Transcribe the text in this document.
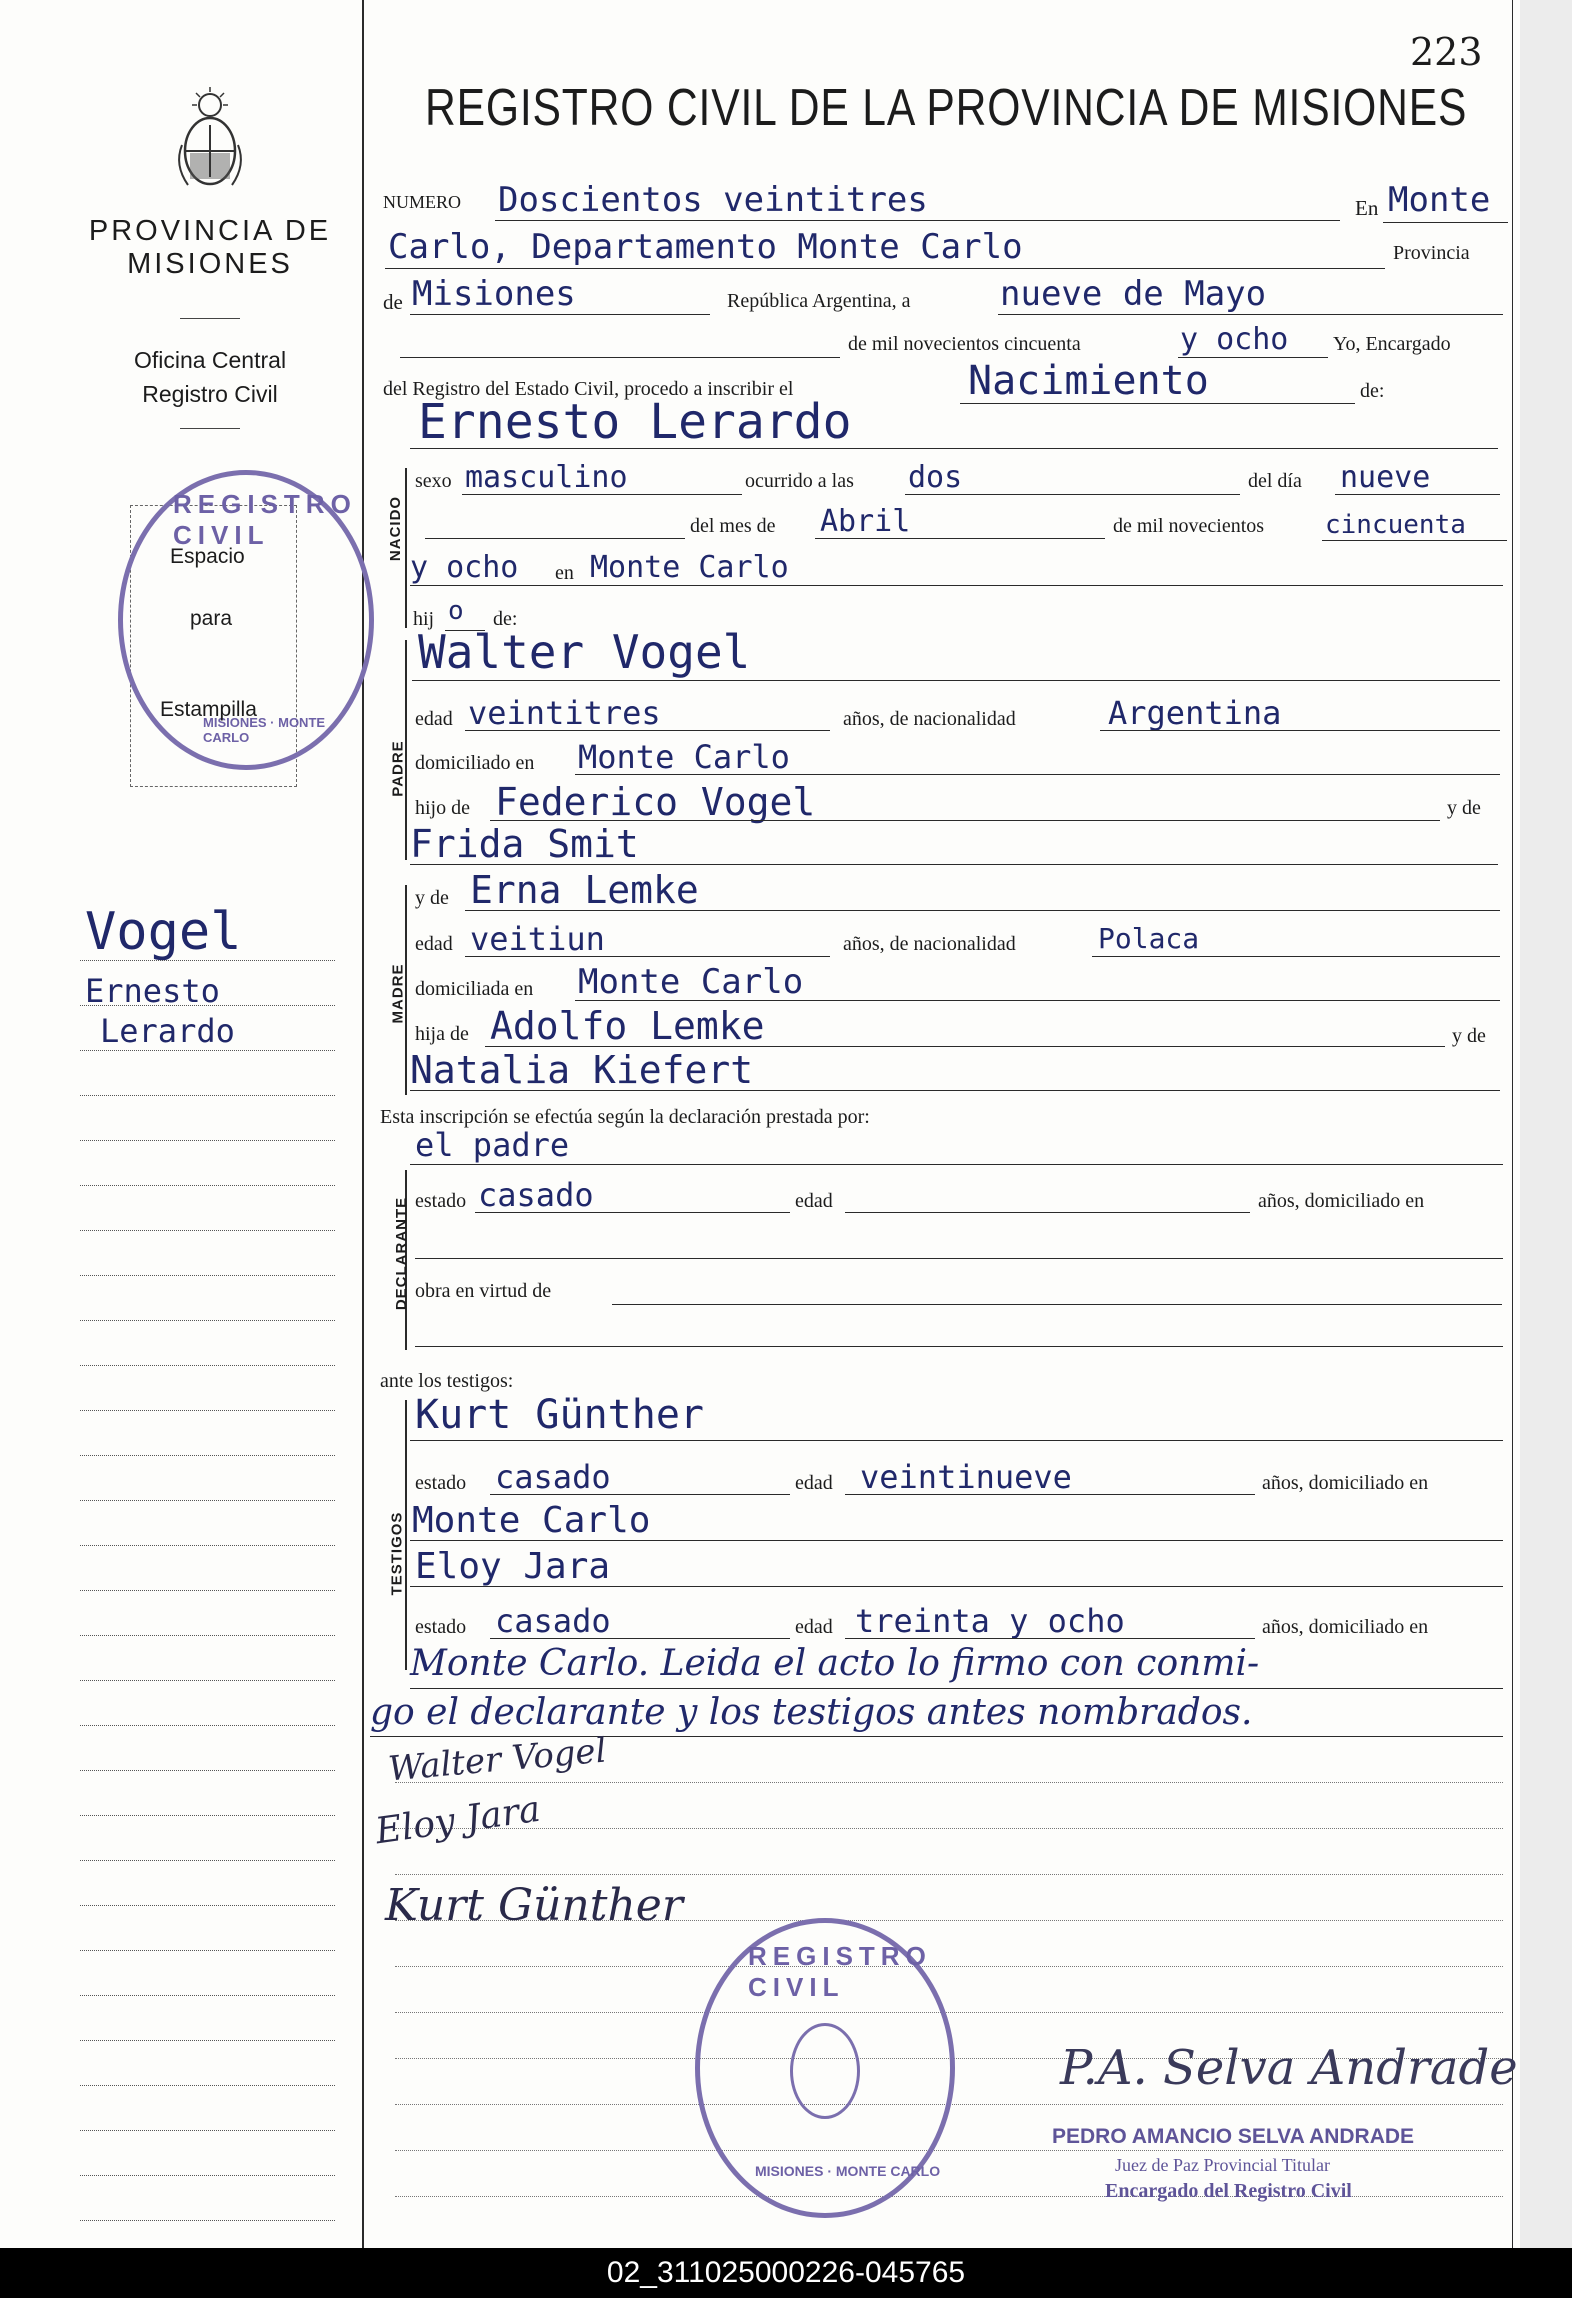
223
PROVINCIA DE
MISIONES
Oficina Central
Registro Civil
REGISTRO CIVIL
MISIONES · MONTE CARLO
Espacio
para
Estampilla
Vogel
Ernesto
Lerardo
REGISTRO CIVIL DE LA PROVINCIA DE MISIONES
NUMERO Doscientos veintitres	En Monte
Carlo, Departamento Monte Carlo	Provincia
de Misiones	República Argentina, a	nueve de Mayo
de mil novecientos cincuenta	y ocho Yo, Encargado
del Registro del Estado Civil, procedo a inscribir el	Nacimiento	de:
Ernesto Lerardo
NACIDO
sexo masculino	ocurrido a las dos	del día nueve
del mes de Abril	de mil novecientos cincuenta
y ocho en Monte Carlo
hij o de:
PADRE
Walter Vogel
edad veintitres	años, de nacionalidad	Argentina
domiciliado en Monte Carlo
hijo de Federico Vogel	y de
Frida Smit
MADRE
y de Erna Lemke
edad veitiun	años, de nacionalidad	Polaca
domiciliada en Monte Carlo
hija de Adolfo Lemke	y de
Natalia Kiefert
Esta inscripción se efectúa según la declaración prestada por:
el padre
DECLARANTE estado casado	edad	años, domiciliado en
obra en virtud de
ante los testigos:
TESTIGOS
Kurt Günther
estado casado	edad veintinueve	años, domiciliado en
Monte Carlo
Eloy Jara
estado casado	edad treinta y ocho	años, domiciliado en
Monte Carlo. Leida el acto lo firmo con conmi-
go el declarante y los testigos antes nombrados.
Walter Vogel
Eloy Jara
Kurt Günther
REGISTRO CIVIL
MISIONES · MONTE CARLO
P.A. Selva Andrade
PEDRO AMANCIO SELVA ANDRADE
Juez de Paz Provincial Titular
Encargado del Registro Civil
02_311025000226-045765
